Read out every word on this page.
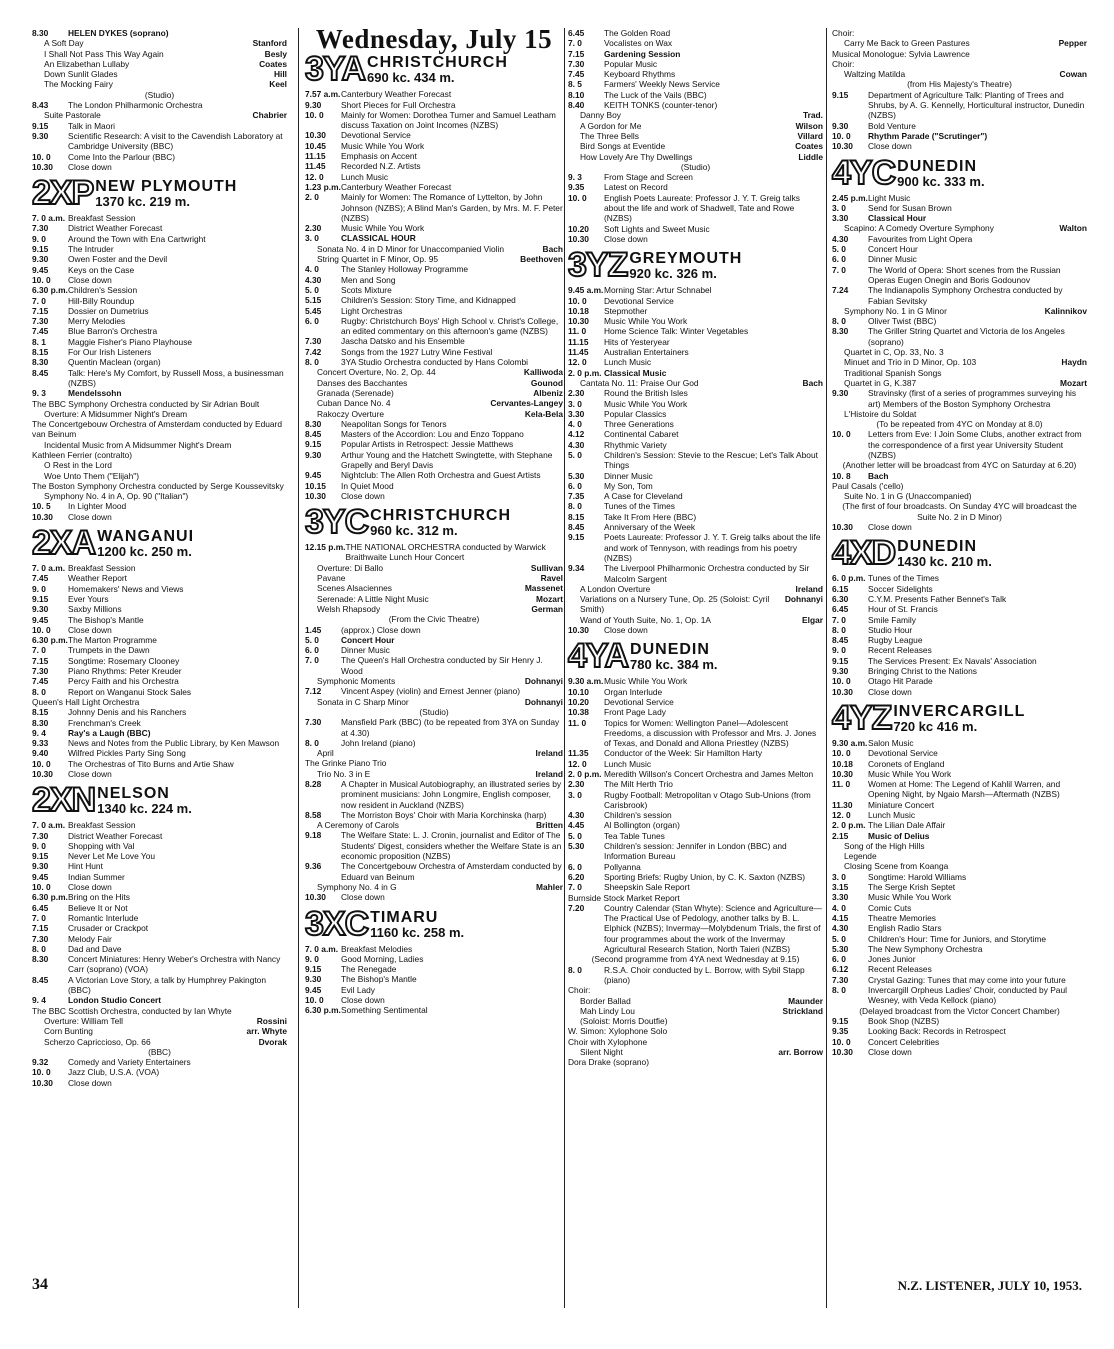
8.30	HELEN DYKES (soprano)
A Soft Day	Stanford
I Shall Not Pass This Way Again	Besly
An Elizabethan Lullaby	Coates
Down Sunlit Glades	Hill
The Mocking Fairy	Keel
(Studio)
8.43	The London Philharmonic Orchestra
Suite Pastorale	Chabrier
9.15	Talk in Maori
9.30	Scientific Research: A visit to the Cavendish Laboratory at Cambridge University (BBC)
10. 0	Come Into the Parlour (BBC)
10.30	Close down
2XP NEW PLYMOUTH
1370 kc. 219 m.
7. 0 a.m. Breakfast Session
7.30	District Weather Forecast
9. 0	Around the Town with Ena Cartwright
9.15	The Intruder
9.30	Owen Foster and the Devil
9.45	Keys on the Case
10. 0	Close down
6.30 p.m. Children's Session
7. 0	Hill-Billy Roundup
7.15	Dossier on Dumetrius
7.30	Merry Melodies
7.45	Blue Barron's Orchestra
8. 1	Maggie Fisher's Piano Playhouse
8.15	For Our Irish Listeners
8.30	Quentin Maclean (organ)
8.45	Talk: Here's My Comfort, by Russell Moss, a businessman (NZBS)
9. 3	Mendelssohn
The BBC Symphony Orchestra conducted by Sir Adrian Boult
Overture: A Midsummer Night's Dream
The Concertgebouw Orchestra of Amsterdam conducted by Eduard van Beinum
Incidental Music from A Midsummer Night's Dream
Kathleen Ferrier (contralto)
O Rest in the Lord
Woe Unto Them ("Elijah")
The Boston Symphony Orchestra conducted by Serge Koussevitsky
Symphony No. 4 in A, Op. 90 ("Italian")
10. 5	In Lighter Mood
10.30	Close down
2XA WANGANUI
1200 kc. 250 m.
7. 0 a.m. Breakfast Session
7.45	Weather Report
9. 0	Homemakers' News and Views
9.15	Ever Yours
9.30	Saxby Millions
9.45	The Bishop's Mantle
10. 0	Close down
6.30 p.m. The Marton Programme
7. 0	Trumpets in the Dawn
7.15	Songtime: Rosemary Clooney
7.30	Piano Rhythms: Peter Kreuder
7.45	Percy Faith and his Orchestra
8. 0	Report on Wanganui Stock Sales
Queen's Hall Light Orchestra
8.15	Johnny Denis and his Ranchers
8.30	Frenchman's Creek
9. 4	Ray's a Laugh (BBC)
9.33	News and Notes from the Public Library, by Ken Mawson
9.40	Wilfred Pickles Party Sing Song
10. 0	The Orchestras of Tito Burns and Artie Shaw
10.30	Close down
2XN NELSON
1340 kc. 224 m.
7. 0 a.m. Breakfast Session
7.30	District Weather Forecast
9. 0	Shopping with Val
9.15	Never Let Me Love You
9.30	Hint Hunt
9.45	Indian Summer
10. 0	Close down
6.30 p.m. Bring on the Hits
6.45	Believe It or Not
7. 0	Romantic Interlude
7.15	Crusader or Crackpot
7.30	Melody Fair
8. 0	Dad and Dave
8.30	Concert Miniatures: Henry Weber's Orchestra with Nancy Carr (soprano) (VOA)
8.45	A Victorian Love Story, a talk by Humphrey Pakington (BBC)
9. 4	London Studio Concert
The BBC Scottish Orchestra, conducted by Ian Whyte
Overture: William Tell	Rossini
Corn Bunting	arr. Whyte
Scherzo Capriccioso, Op. 66	Dvorak
(BBC)
9.32	Comedy and Variety Entertainers
10. 0	Jazz Club, U.S.A. (VOA)
10.30	Close down
Wednesday, July 15
3YA CHRISTCHURCH
690 kc. 434 m.
7.57 a.m. Canterbury Weather Forecast
9.30	Short Pieces for Full Orchestra
10. 0	Mainly for Women: Dorothea Turner and Samuel Leatham discuss Taxation on Joint Incomes (NZBS)
10.30	Devotional Service
10.45	Music While You Work
11.15	Emphasis on Accent
11.45	Recorded N.Z. Artists
12. 0	Lunch Music
1.23 p.m. Canterbury Weather Forecast
2. 0	Mainly for Women: The Romance of Lyttelton, by John Johnson (NZBS); A Blind Man's Garden, by Mrs. M. F. Peter (NZBS)
2.30	Music While You Work
3. 0	CLASSICAL HOUR
Sonata No. 4 in D Minor for Unaccompanied Violin	Bach
String Quartet in F Minor, Op. 95	Beethoven
4. 0	The Stanley Holloway Programme
4.30	Men and Song
5. 0	Scots Mixture
5.15	Children's Session: Story Time, and Kidnapped
5.45	Light Orchestras
6. 0	Rugby: Christchurch Boys' High School v. Christ's College, an edited commentary on this afternoon's game (NZBS)
7.30	Jascha Datsko and his Ensemble
7.42	Songs from the 1927 Lutry Wine Festival
8. 0	3YA Studio Orchestra conducted by Hans Colombi
Concert Overture, No. 2, Op. 44	Kalliwoda
Danses des Bacchantes	Gounod
Granada (Serenade)	Albeniz
Cuban Dance No. 4	Cervantes-Langey
Rakoczy Overture	Kela-Bela
8.30	Neapolitan Songs for Tenors
8.45	Masters of the Accordion: Lou and Enzo Toppano
9.15	Popular Artists in Retrospect: Jessie Matthews
9.30	Arthur Young and the Hatchett Swingtette, with Stephane Grapelly and Beryl Davis
9.45	Nightclub: The Allen Roth Orchestra and Guest Artists
10.15	In Quiet Mood
10.30	Close down
3YC CHRISTCHURCH
960 kc. 312 m.
12.15 p.m. THE NATIONAL ORCHESTRA conducted by Warwick Braithwaite Lunch Hour Concert
Overture: Di Ballo	Sullivan
Pavane	Ravel
Scenes Alsaciennes	Massenet
Serenade: A Little Night Music	Mozart
Welsh Rhapsody	German
(From the Civic Theatre)
1.45	(approx.) Close down
5. 0	Concert Hour
6. 0	Dinner Music
7. 0	The Queen's Hall Orchestra conducted by Sir Henry J. Wood
Symphonic Moments	Dohnanyi
7.12	Vincent Aspey (violin) and Ernest Jenner (piano)
Sonata in C Sharp Minor	Dohnanyi
(Studio)
7.30	Mansfield Park (BBC) (to be repeated from 3YA on Sunday at 4.30)
8. 0	John Ireland (piano)
April	Ireland
The Grinke Piano Trio
Trio No. 3 in E	Ireland
8.28	A Chapter in Musical Autobiography, an illustrated series by prominent musicians: John Longmire, English composer, now resident in Auckland (NZBS)
8.58	The Morriston Boys' Choir with Maria Korchinska (harp)
A Ceremony of Carols	Britten
9.18	The Welfare State: L. J. Cronin, journalist and Editor of The Students' Digest, considers whether the Welfare State is an economic proposition (NZBS)
9.36	The Concertgebouw Orchestra of Amsterdam conducted by Eduard van Beinum
Symphony No. 4 in G	Mahler
10.30	Close down
3XC TIMARU
1160 kc. 258 m.
7. 0 a.m. Breakfast Melodies
9. 0	Good Morning, Ladies
9.15	The Renegade
9.30	The Bishop's Mantle
9.45	Evil Lady
10. 0	Close down
6.30 p.m. Something Sentimental
6.45	The Golden Road
7. 0	Vocalistes on Wax
7.15	Gardening Session
7.30	Popular Music
7.45	Keyboard Rhythms
8. 5	Farmers' Weekly News Service
8.10	The Luck of the Vails (BBC)
8.40	KEITH TONKS (counter-tenor)
Danny Boy	Trad.
A Gordon for Me	Wilson
The Three Bells	Villard
Bird Songs at Eventide	Coates
How Lovely Are Thy Dwellings	Liddle
(Studio)
9. 3	From Stage and Screen
9.35	Latest on Record
10. 0	English Poets Laureate: Professor J. Y. T. Greig talks about the life and work of Shadwell, Tate and Rowe (NZBS)
10.20	Soft Lights and Sweet Music
10.30	Close down
3YZ GREYMOUTH
920 kc. 326 m.
9.45 a.m. Morning Star: Artur Schnabel
10. 0	Devotional Service
10.18	Stepmother
10.30	Music While You Work
11. 0	Home Science Talk: Winter Vegetables
11.15	Hits of Yesteryear
11.45	Australian Entertainers
12. 0	Lunch Music
2. 0 p.m. Classical Music
Cantata No. 11: Praise Our God	Bach
2.30	Round the British Isles
3. 0	Music While You Work
3.30	Popular Classics
4. 0	Three Generations
4.12	Continental Cabaret
4.30	Rhythmic Variety
5. 0	Children's Session: Stevie to the Rescue; Let's Talk About Things
5.30	Dinner Music
6. 0	My Son, Tom
7.35	A Case for Cleveland
8. 0	Tunes of the Times
8.15	Take It From Here (BBC)
8.45	Anniversary of the Week
9.15	Poets Laureate: Professor J. Y. T. Greig talks about the life and work of Tennyson, with readings from his poetry (NZBS)
9.34	The Liverpool Philharmonic Orchestra conducted by Sir Malcolm Sargent
A London Overture	Ireland
Variations on a Nursery Tune, Op. 25 (Soloist: Cyril Smith)
Dohnanyi
Wand of Youth Suite, No. 1, Op. 1A	Elgar
10.30	Close down
4YA DUNEDIN
780 kc. 384 m.
9.30 a.m. Music While You Work
10.10	Organ Interlude
10.20	Devotional Service
10.38	Front Page Lady
11. 0	Topics for Women: Wellington Panel—Adolescent Freedoms, a discussion with Professor and Mrs. J. Jones of Texas, and Donald and Allona Priestley (NZBS)
11.35	Conductor of the Week: Sir Hamilton Harty
12. 0	Lunch Music
2. 0 p.m. Meredith Willson's Concert Orchestra and James Melton
2.30	The Milt Herth Trio
3. 0	Rugby Football: Metropolitan v Otago Sub-Unions (from Carisbrook)
4.30	Children's session
4.45	Al Bollington (organ)
5. 0	Tea Table Tunes
5.30	Children's session: Jennifer in London (BBC) and Information Bureau
6. 0	Pollyanna
6.20	Sporting Briefs: Rugby Union, by C. K. Saxton (NZBS)
7. 0	Sheepskin Sale Report
Burnside Stock Market Report
7.20	Country Calendar (Stan Whyte): Science and Agriculture—The Practical Use of Pedology, another talks by B. L. Elphick (NZBS); Invermay—Molybdenum Trials, the first of four programmes about the work of the Invermay Agricultural Research Station, North Taieri (NZBS)
(Second programme from 4YA next Wednesday at 9.15)
8. 0	R.S.A. Choir conducted by L. Borrow, with Sybil Stapp (piano)
Choir:
Border Ballad	Maunder
Mah Lindy Lou	Strickland
(Soloist: Morris Doutfie)
W. Simon: Xylophone Solo
Choir with Xylophone
Silent Night	arr. Borrow
Dora Drake (soprano)
Choir:
Carry Me Back to Green Pastures	Pepper
Musical Monologue: Sylvia Lawrence
Choir:
Waltzing Matilda	Cowan
(from His Majesty's Theatre)
9.15	Department of Agriculture Talk: Planting of Trees and Shrubs, by A. G. Kennelly, Horticultural instructor, Dunedin (NZBS)
9.30	Bold Venture
10. 0	Rhythm Parade ("Scrutinger")
10.30	Close down
4YC DUNEDIN
900 kc. 333 m.
2.45 p.m. Light Music
3. 0	Send for Susan Brown
3.30	Classical Hour
Scapino: A Comedy Overture Symphony	Walton
4.30	Favourites from Light Opera
5. 0	Concert Hour
6. 0	Dinner Music
7. 0	The World of Opera: Short scenes from the Russian Operas Eugen Onegin and Boris Godounov
7.24	The Indianapolis Symphony Orchestra conducted by Fabian Sevitsky
Symphony No. 1 in G Minor	Kalinnikov
8. 0	Oliver Twist (BBC)
8.30	The Griller String Quartet and Victoria de los Angeles (soprano)
Quartet in C, Op. 33, No. 3
Minuet and Trio in D Minor, Op. 103	Haydn
Traditional Spanish Songs
Quartet in G, K.387	Mozart
9.30	Stravinsky (first of a series of programmes surveying his art) Members of the Boston Symphony Orchestra
L'Histoire du Soldat
(To be repeated from 4YC on Monday at 8.0)
10. 0	Letters from Eve: I Join Some Clubs, another extract from the correspondence of a first year University Student (NZBS)
(Another letter will be broadcast from 4YC on Saturday at 6.20)
10. 8	Bach
Paul Casals ('cello)
Suite No. 1 in G (Unaccompanied)
(The first of four broadcasts. On Sunday 4YC will broadcast the Suite No. 2 in D Minor)
10.30	Close down
4XD DUNEDIN
1430 kc. 210 m.
6. 0 p.m. Tunes of the Times
6.15	Soccer Sidelights
6.30	C.Y.M. Presents Father Bennet's Talk
6.45	Hour of St. Francis
7. 0	Smile Family
8. 0	Studio Hour
8.45	Rugby League
9. 0	Recent Releases
9.15	The Services Present: Ex Navals' Association
9.30	Bringing Christ to the Nations
10. 0	Otago Hit Parade
10.30	Close down
4YZ INVERCARGILL
720 kc 416 m.
9.30 a.m. Salon Music
10. 0	Devotional Service
10.18	Coronets of England
10.30	Music While You Work
11. 0	Women at Home: The Legend of Kahlil Warren, and Opening Night, by Ngaio Marsh—Aftermath (NZBS)
11.30	Miniature Concert
12. 0	Lunch Music
2. 0 p.m. The Lilian Dale Affair
2.15	Music of Delius
Song of the High Hills
Legende
Closing Scene from Koanga
3. 0	Songtime: Harold Williams
3.15	The Serge Krish Septet
3.30	Music While You Work
4. 0	Comic Cuts
4.15	Theatre Memories
4.30	English Radio Stars
5. 0	Children's Hour: Time for Juniors, and Storytime
5.30	The New Symphony Orchestra
6. 0	Jones Junior
6.12	Recent Releases
7.30	Crystal Gazing: Tunes that may come into your future
8. 0	Invercargill Orpheus Ladies' Choir, conducted by Paul Wesney, with Veda Kellock (piano)
(Delayed broadcast from the Victor Concert Chamber)
9.15	Book Shop (NZBS)
9.35	Looking Back: Records in Retrospect
10. 0	Concert Celebrities
10.30	Close down
34	N.Z. LISTENER, JULY 10, 1953.
